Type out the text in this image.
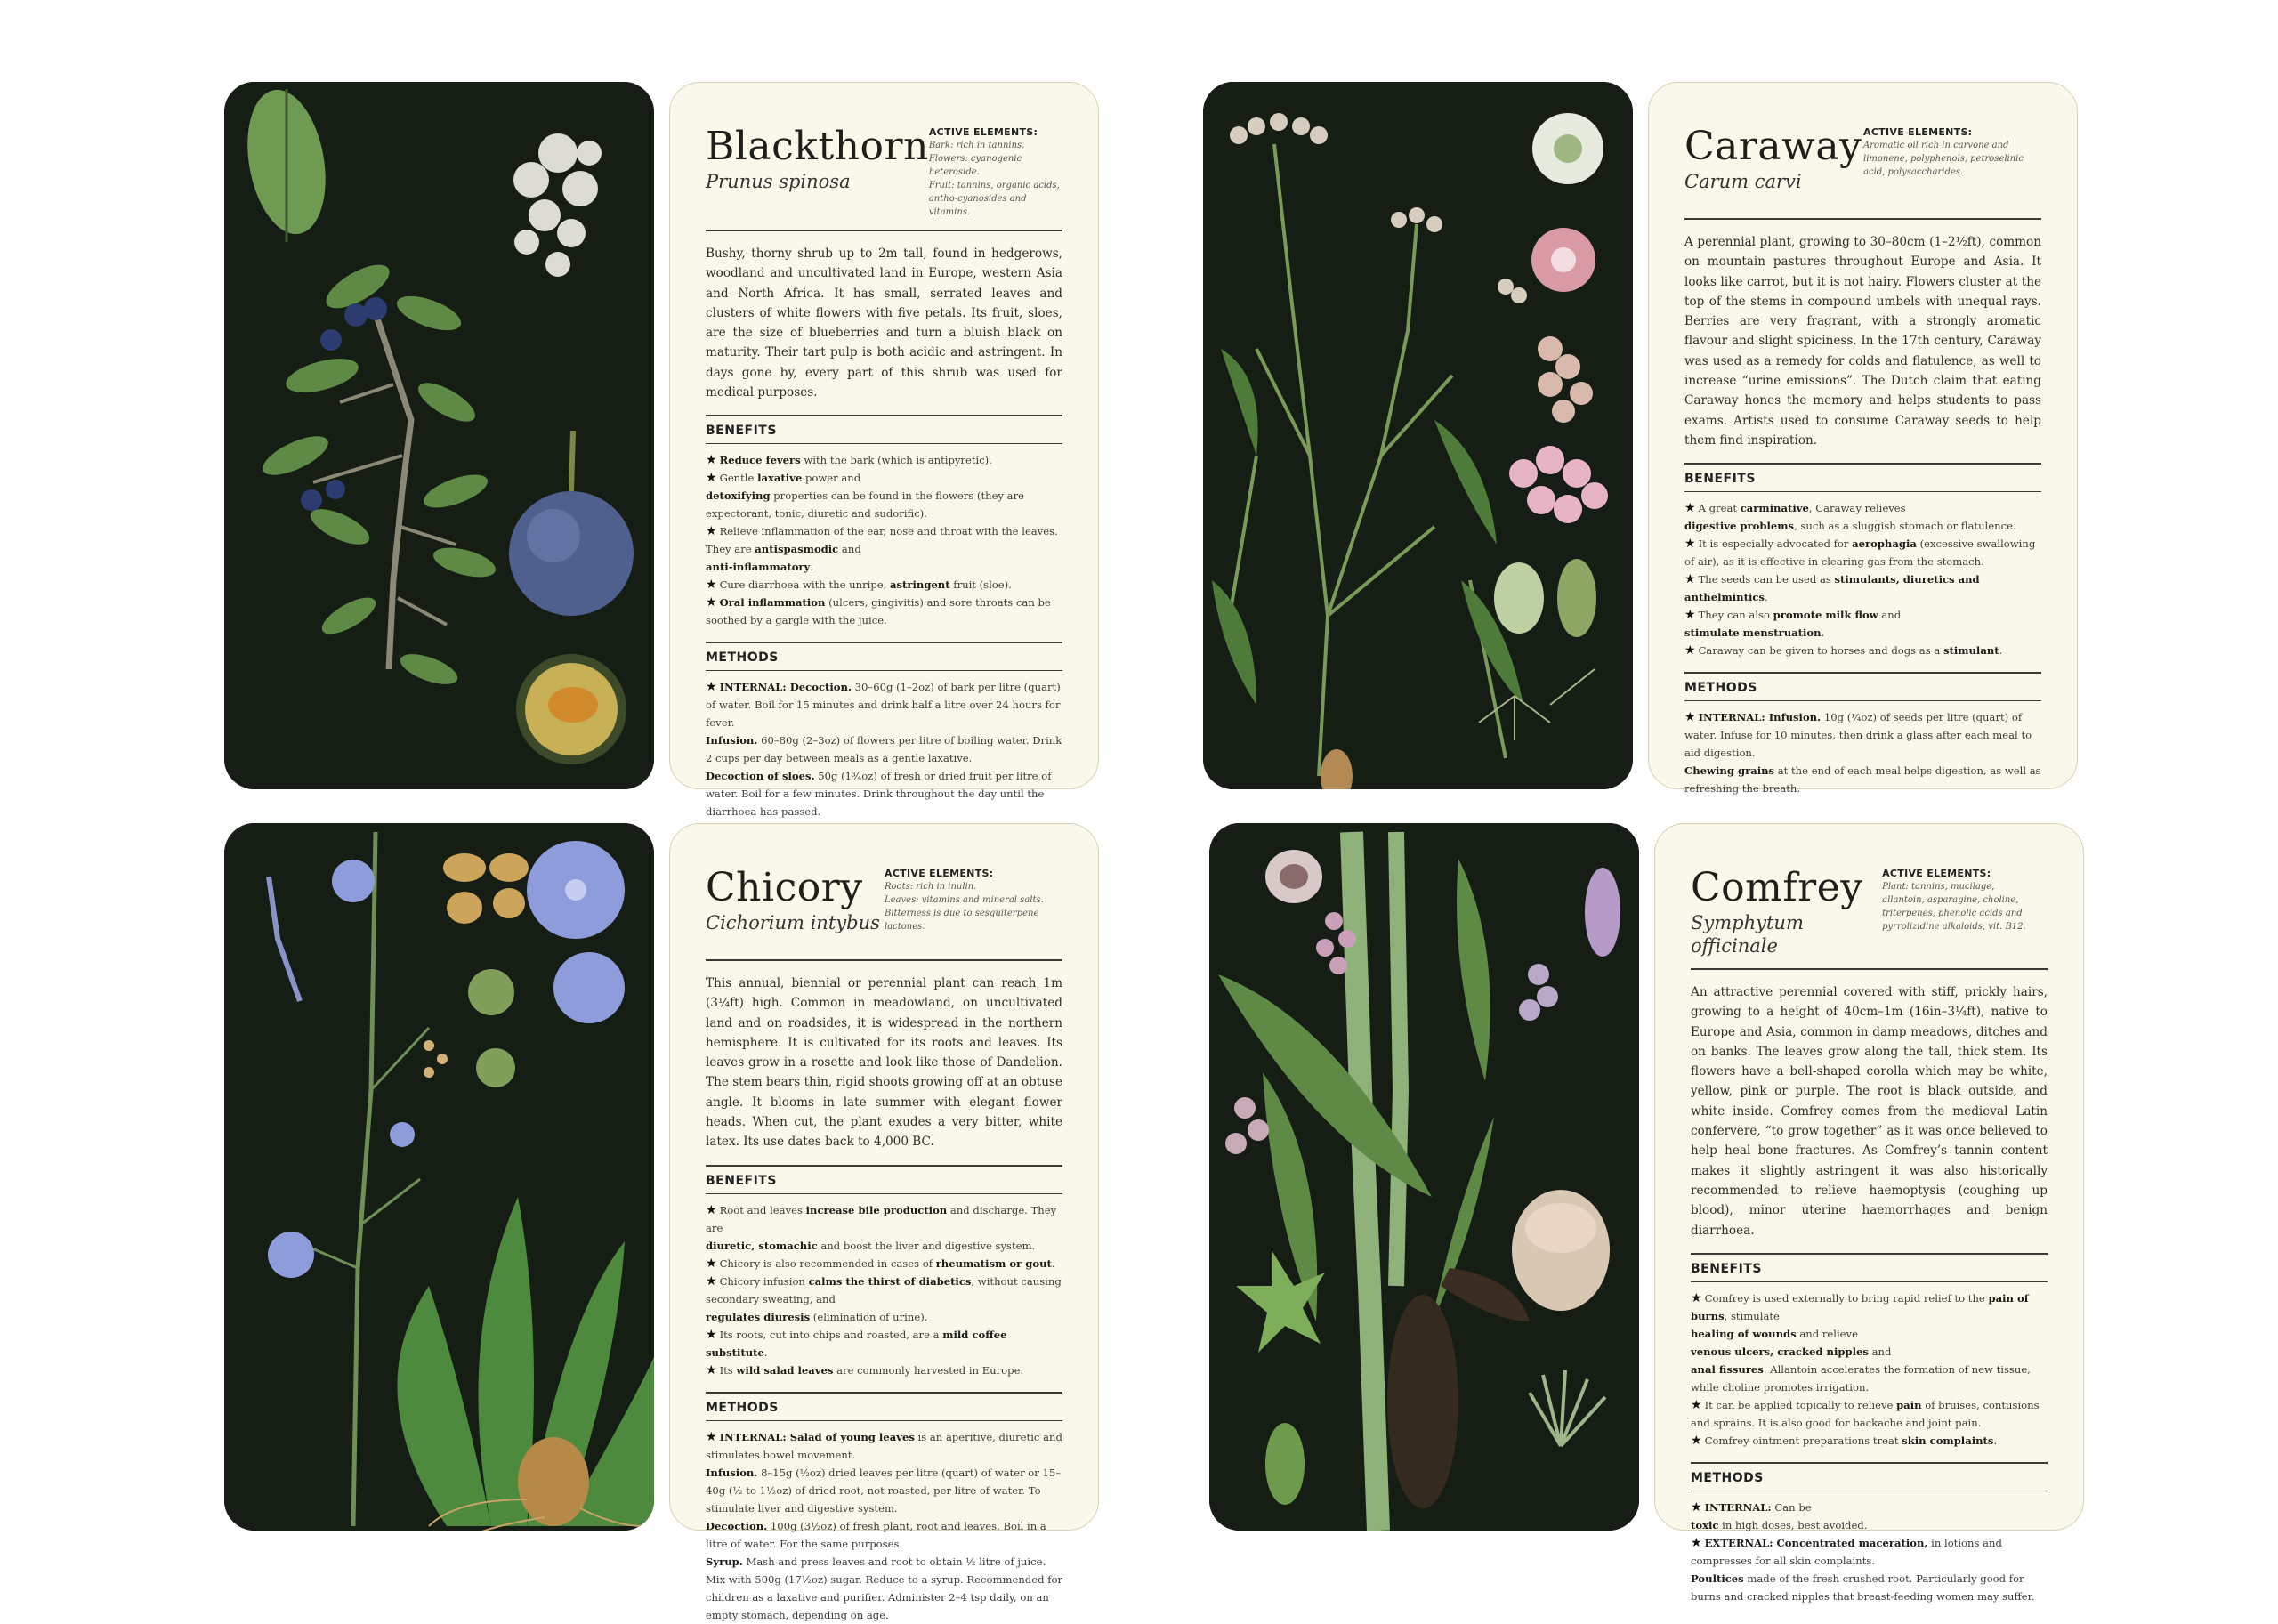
Blackthorn
Prunus spinosa
ACTIVE ELEMENTS:
Bark: rich in tannins.
Flowers: cyanogenic heteroside.
Fruit: tannins, organic acids,
antho-cyanosides and vitamins.
Bushy, thorny shrub up to 2m tall, found in hedgerows, woodland and uncultivated land in Europe, western Asia and North Africa. It has small, serrated leaves and clusters of white flowers with five petals. Its fruit, sloes, are the size of blueberries and turn a bluish black on maturity. Their tart pulp is both acidic and astringent. In days gone by, every part of this shrub was used for medical purposes.
BENEFITS
★ Reduce fevers with the bark (which is antipyretic).
★ Gentle laxative power and
detoxifying properties can be found in the flowers (they are expectorant, tonic, diuretic and sudorific).
★ Relieve inflammation of the ear, nose and throat with the leaves. They are antispasmodic and
anti-inflammatory.
★ Cure diarrhoea with the unripe, astringent fruit (sloe).
★ Oral inflammation (ulcers, gingivitis) and sore throats can be soothed by a gargle with the juice.
METHODS
★ INTERNAL: Decoction. 30–60g (1–2oz) of bark per litre (quart) of water. Boil for 15 minutes and drink half a litre over 24 hours for fever.
Infusion. 60–80g (2–3oz) of flowers per litre of boiling water. Drink 2 cups per day between meals as a gentle laxative.
Decoction of sloes. 50g (1¾oz) of fresh or dried fruit per litre of water. Boil for a few minutes. Drink throughout the day until the diarrhoea has passed.
Caraway
Carum carvi
ACTIVE ELEMENTS:
Aromatic oil rich in carvone and
limonene, polyphenols, petroselinic
acid, polysaccharides.
A perennial plant, growing to 30–80cm (1–2½ft), common on mountain pastures throughout Europe and Asia. It looks like carrot, but it is not hairy. Flowers cluster at the top of the stems in compound umbels with unequal rays. Berries are very fragrant, with a strongly aromatic flavour and slight spiciness. In the 17th century, Caraway was used as a remedy for colds and flatulence, as well to increase “urine emissions”. The Dutch claim that eating Caraway hones the memory and helps students to pass exams. Artists used to consume Caraway seeds to help them find inspiration.
BENEFITS
★ A great carminative, Caraway relieves
digestive problems, such as a sluggish stomach or flatulence.
★ It is especially advocated for aerophagia (excessive swallowing of air), as it is effective in clearing gas from the stomach.
★ The seeds can be used as stimulants, diuretics and anthelmintics.
★ They can also promote milk flow and
stimulate menstruation.
★ Caraway can be given to horses and dogs as a stimulant.
METHODS
★ INTERNAL: Infusion. 10g (¼oz) of seeds per litre (quart) of water. Infuse for 10 minutes, then drink a glass after each meal to aid digestion.
Chewing grains at the end of each meal helps digestion, as well as refreshing the breath.
Chicory
Cichorium intybus
ACTIVE ELEMENTS:
Roots: rich in inulin.
Leaves: vitamins and mineral salts.
Bitterness is due to sesquiterpene
lactones.
This annual, biennial or perennial plant can reach 1m (3¼ft) high. Common in meadowland, on uncultivated land and on roadsides, it is widespread in the northern hemisphere. It is cultivated for its roots and leaves. Its leaves grow in a rosette and look like those of Dandelion. The stem bears thin, rigid shoots growing off at an obtuse angle. It blooms in late summer with elegant flower heads. When cut, the plant exudes a very bitter, white latex. Its use dates back to 4,000 BC.
BENEFITS
★ Root and leaves increase bile production and discharge. They are
diuretic, stomachic and boost the liver and digestive system.
★ Chicory is also recommended in cases of rheumatism or gout.
★ Chicory infusion calms the thirst of diabetics, without causing secondary sweating, and
regulates diuresis (elimination of urine).
★ Its roots, cut into chips and roasted, are a mild coffee substitute.
★ Its wild salad leaves are commonly harvested in Europe.
METHODS
★ INTERNAL: Salad of young leaves is an aperitive, diuretic and stimulates bowel movement.
Infusion. 8–15g (½oz) dried leaves per litre (quart) of water or 15–40g (½ to 1½oz) of dried root, not roasted, per litre of water. To stimulate liver and digestive system.
Decoction. 100g (3½oz) of fresh plant, root and leaves. Boil in a litre of water. For the same purposes.
Syrup. Mash and press leaves and root to obtain ½ litre of juice. Mix with 500g (17½oz) sugar. Reduce to a syrup. Recommended for children as a laxative and purifier. Administer 2–4 tsp daily, on an empty stomach, depending on age.
Comfrey
Symphytum officinale
ACTIVE ELEMENTS:
Plant: tannins, mucilage,
allantoin, asparagine, choline,
triterpenes, phenolic acids and
pyrrolizidine alkaloids, vit. B12.
An attractive perennial covered with stiff, prickly hairs, growing to a height of 40cm–1m (16in–3¼ft), native to Europe and Asia, common in damp meadows, ditches and on banks. The leaves grow along the tall, thick stem. Its flowers have a bell-shaped corolla which may be white, yellow, pink or purple. The root is black outside, and white inside. Comfrey comes from the medieval Latin confervere, “to grow together” as it was once believed to help heal bone fractures. As Comfrey’s tannin content makes it slightly astringent it was also historically recommended to relieve haemoptysis (coughing up blood), minor uterine haemorrhages and benign diarrhoea.
BENEFITS
★ Comfrey is used externally to bring rapid relief to the pain of burns, stimulate
healing of wounds and relieve
venous ulcers, cracked nipples and
anal fissures. Allantoin accelerates the formation of new tissue, while choline promotes irrigation.
★ It can be applied topically to relieve pain of bruises, contusions and sprains. It is also good for backache and joint pain.
★ Comfrey ointment preparations treat skin complaints.
METHODS
★ INTERNAL: Can be
toxic in high doses, best avoided.
★ EXTERNAL: Concentrated maceration, in lotions and compresses for all skin complaints.
Poultices made of the fresh crushed root. Particularly good for burns and cracked nipples that breast-feeding women may suffer.
